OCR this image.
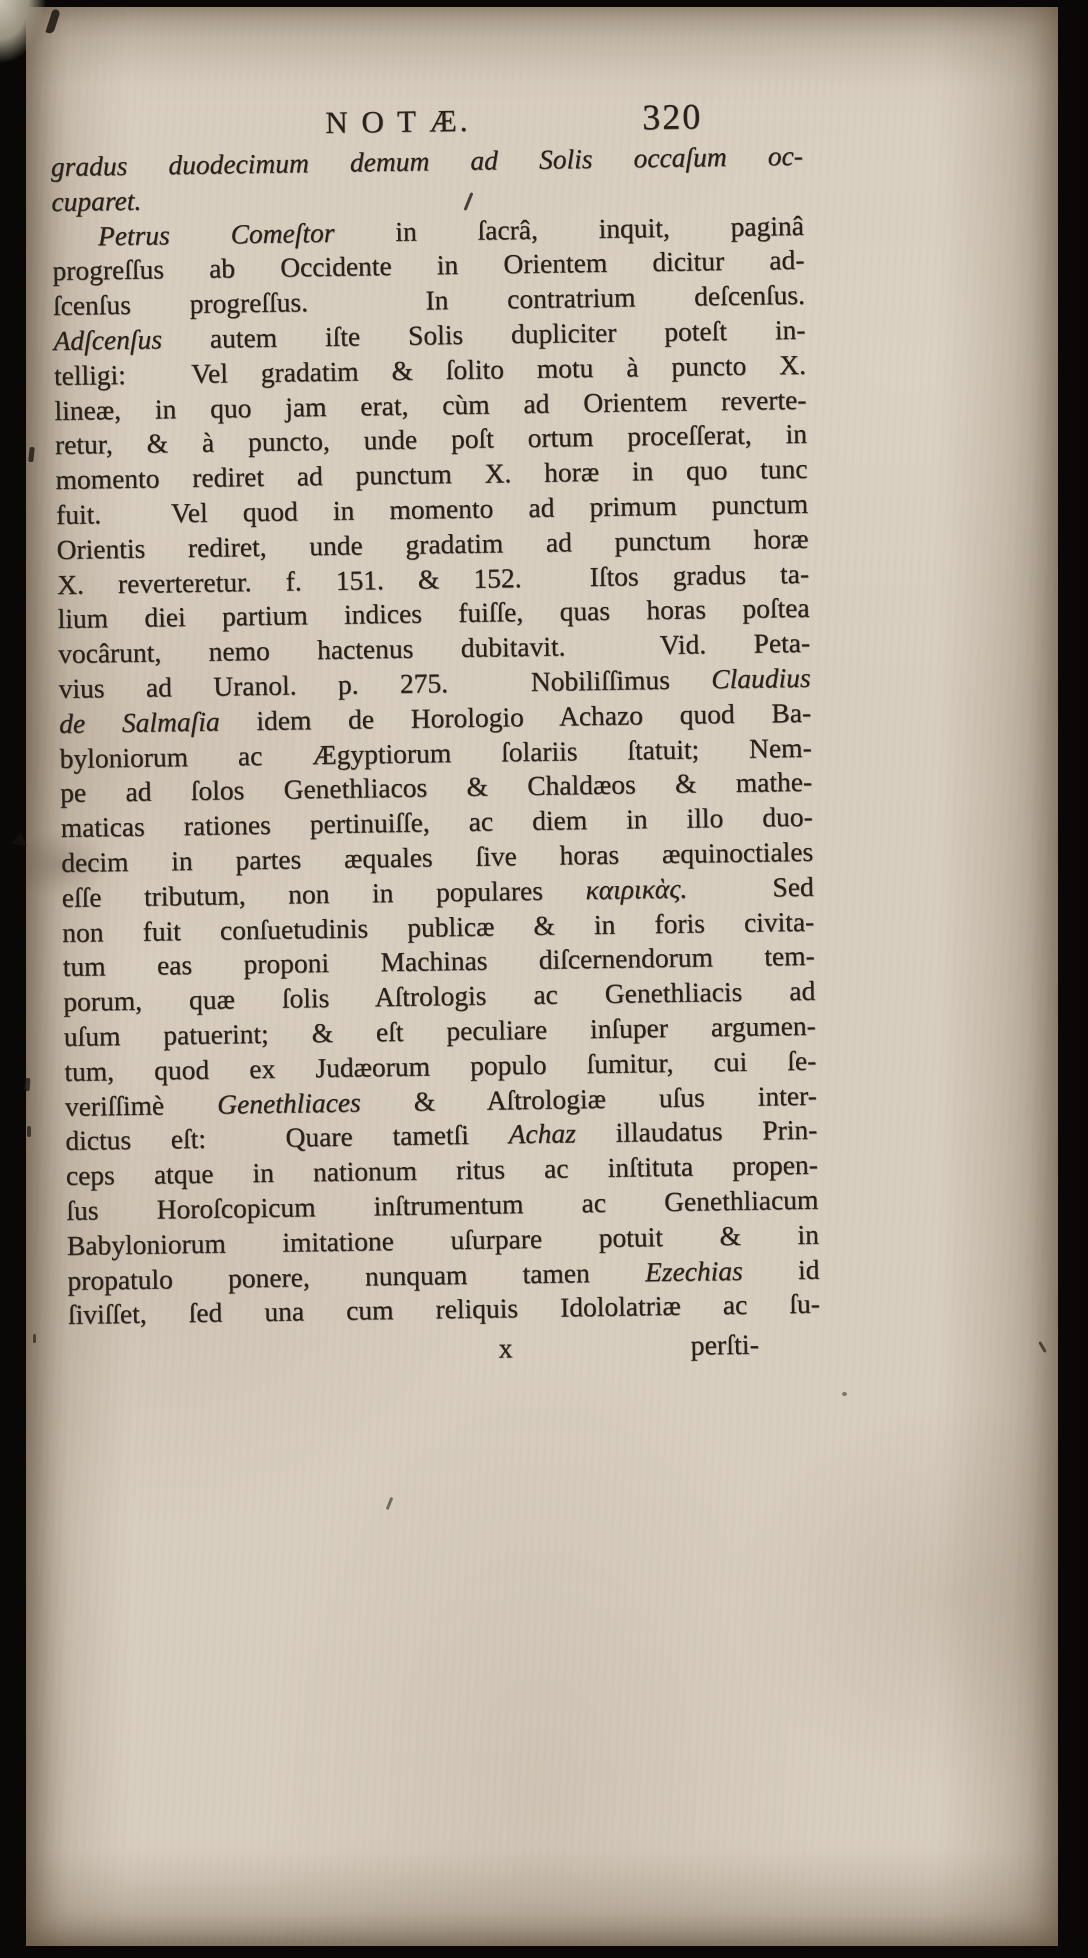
N O T Æ.	320
gradus duodecimum demum ad Solis occaſum oc-
cuparet.
Petrus Comeſtor in ſacrâ, inquit, paginâ
progreſſus ab Occidente in Orientem dicitur ad-
ſcenſus progreſſus.  In contratrium deſcenſus.
Adſcenſus autem iſte Solis dupliciter poteſt in-
telligi:  Vel gradatim & ſolito motu à puncto X.
lineæ, in quo jam erat, cùm ad Orientem reverte-
retur, & à puncto, unde poſt ortum proceſſerat, in
momento rediret ad punctum X. horæ in quo tunc
fuit.  Vel quod in momento ad primum punctum
Orientis rediret, unde gradatim ad punctum horæ
X. reverteretur. f. 151. & 152.  Iſtos gradus ta-
lium diei partium indices fuiſſe, quas horas poſtea
vocârunt, nemo hactenus dubitavit.  Vid. Peta-
vius ad Uranol. p. 275.  Nobiliſſimus Claudius
de Salmaſia idem de Horologio Achazo quod Ba-
byloniorum ac Ægyptiorum ſolariis ſtatuit; Nem-
pe ad ſolos Genethliacos & Chaldæos & mathe-
maticas rationes pertinuiſſe, ac diem in illo duo-
decim in partes æquales ſive horas æquinoctiales
eſſe tributum, non in populares καιρικὰς.  Sed
non fuit conſuetudinis publicæ & in foris civita-
tum eas proponi Machinas diſcernendorum tem-
porum, quæ ſolis Aſtrologis ac Genethliacis ad
uſum patuerint; & eſt peculiare inſuper argumen-
tum, quod ex Judæorum populo ſumitur, cui ſe-
veriſſimè Genethliaces & Aſtrologiæ uſus inter-
dictus eſt:  Quare tametſi Achaz illaudatus Prin-
ceps atque in nationum ritus ac inſtituta propen-
ſus Horoſcopicum inſtrumentum ac Genethliacum
Babyloniorum imitatione uſurpare potuit & in
propatulo ponere, nunquam tamen Ezechias id
ſiviſſet, ſed una cum reliquis Idololatriæ ac ſu-
x	perſti-
